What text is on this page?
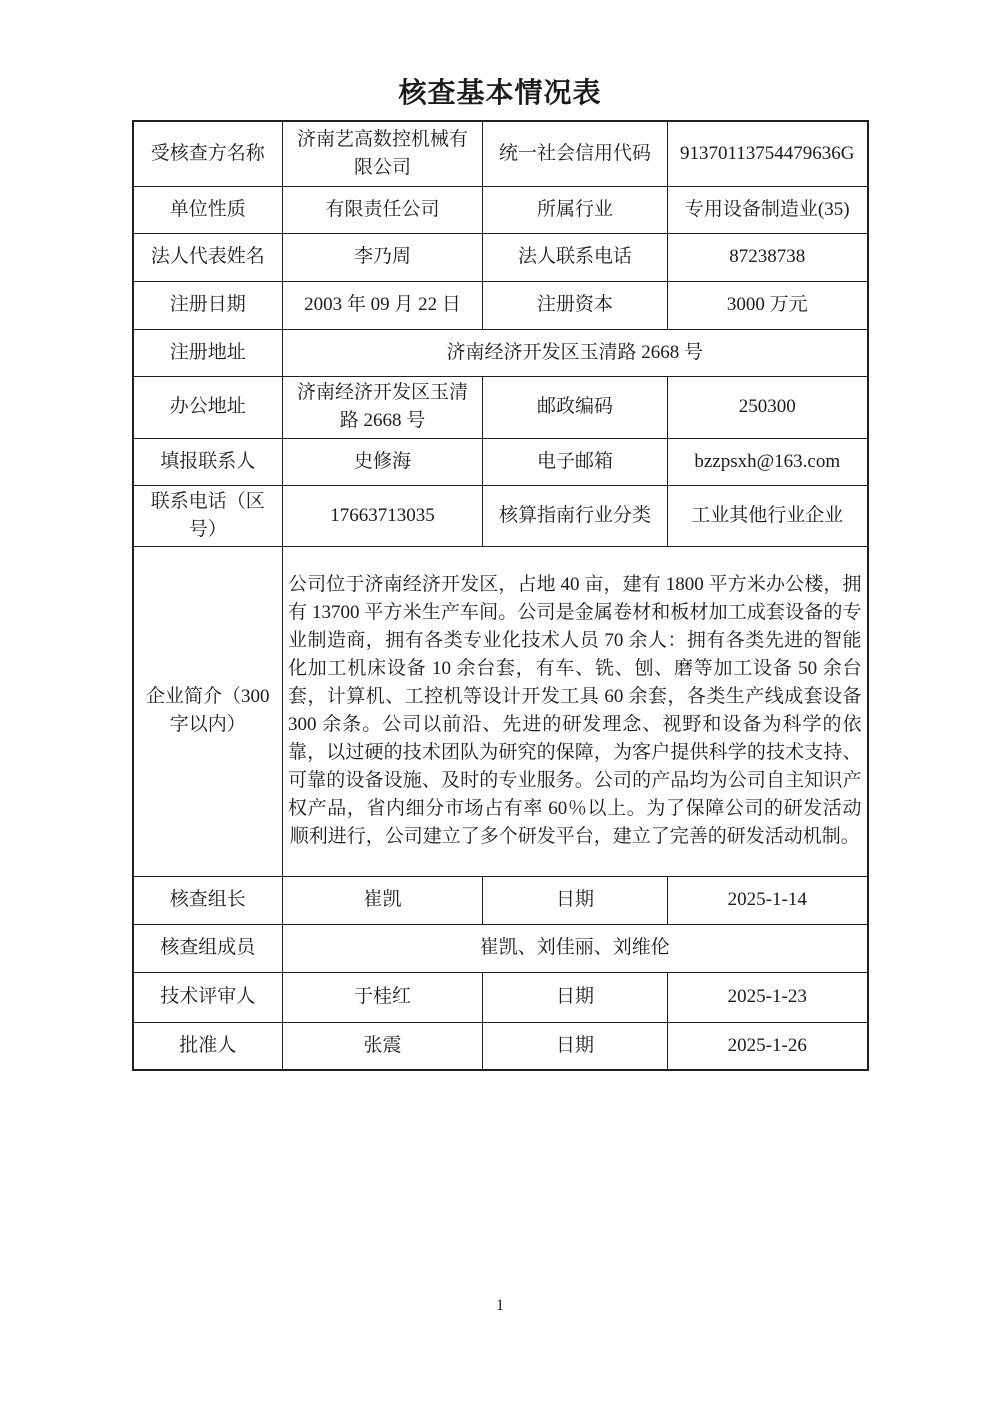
核查基本情况表
受核查方名称	济南艺高数控机械有限公司	统一社会信用代码	91370113754479636G
单位性质	有限责任公司	所属行业	专用设备制造业(35)
法人代表姓名	李乃周	法人联系电话	87238738
注册日期	2003 年 09 月 22 日	注册资本	3000 万元
注册地址	济南经济开发区玉清路 2668 号		
办公地址	济南经济开发区玉清路 2668 号	邮政编码	250300
填报联系人	史修海	电子邮箱	bzzpsxh@163.com
联系电话（区号）	17663713035	核算指南行业分类	工业其他行业企业
企业简介（300字以内）	公司位于济南经济开发区，占地 40 亩，建有 1800 平方米办公楼，拥有 13700 平方米生产车间。公司是金属卷材和板材加工成套设备的专业制造商，拥有各类专业化技术人员 70 余人：拥有各类先进的智能化加工机床设备 10 余台套，有车、铣、刨、磨等加工设备 50 余台套，计算机、工控机等设计开发工具 60 余套，各类生产线成套设备 300 余条。公司以前沿、先进的研发理念、视野和设备为科学的依靠，以过硬的技术团队为研究的保障，为客户提供科学的技术支持、可靠的设备设施、及时的专业服务。公司的产品均为公司自主知识产权产品，省内细分市场占有率 60％以上。为了保障公司的研发活动顺利进行，公司建立了多个研发平台，建立了完善的研发活动机制。		
核查组长	崔凯	日期	2025-1-14
核查组成员	崔凯、刘佳丽、刘维伦		
技术评审人	于桂红	日期	2025-1-23
批准人	张震	日期	2025-1-26
1
